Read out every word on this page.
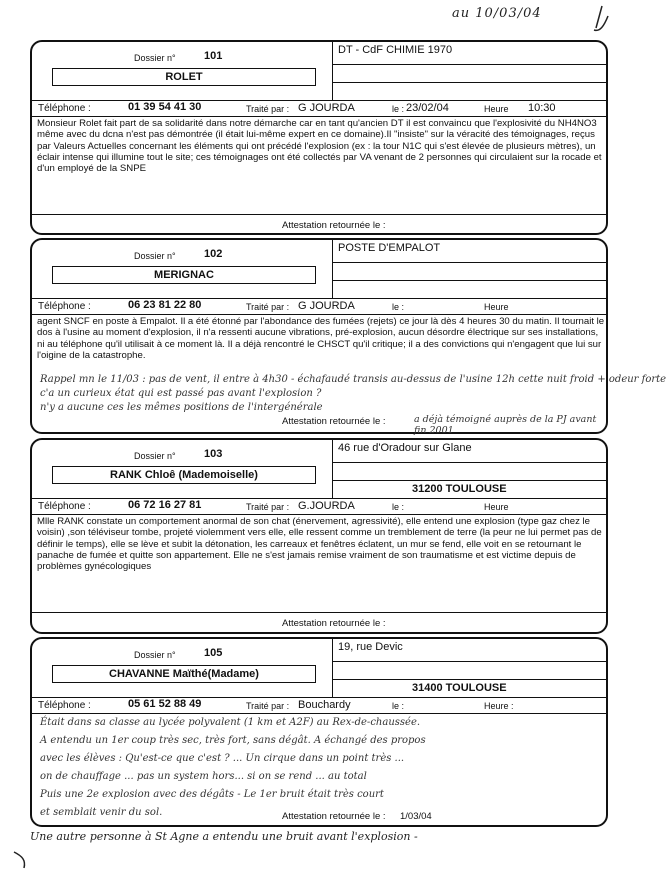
au 10/03/04
Dossier n°	101
ROLET
DT - CdF CHIMIE 1970
Téléphone :	01 39 54 41 30	Traité par : G JOURDA	le : 23/02/04	Heure 10:30
Monsieur Rolet fait part de sa solidarité dans notre démarche car en tant qu'ancien DT il est convaincu que l'explosivité du NH4NO3 même avec du dcna n'est pas démontrée (il était lui-même expert en ce domaine).Il "insiste" sur la véracité des témoignages, reçus par Valeurs Actuelles concernant les éléments qui ont précédé l'explosion (ex : la tour N1C qui s'est élevée de plusieurs mètres), un éclair intense qui illumine tout le site; ces témoignages ont été collectés par VA venant de 2 personnes qui circulaient sur la rocade et d'un employé de la SNPE
Attestation retournée le :
Dossier n°	102
MERIGNAC
POSTE D'EMPALOT
Téléphone :	06 23 81 22 80	Traité par : G JOURDA	le :	Heure
agent SNCF en poste à Empalot. Il a été étonné par l'abondance des fumées (rejets) ce jour là dès 4 heures 30 du matin. Il tournait le dos à l'usine au moment d'explosion, il n'a ressenti aucune vibrations, pré-explosion, aucun désordre électrique sur ses installations, ni au téléphone qu'il utilisait à ce moment là. Il a déjà rencontré le CHSCT qu'il critique; il a des convictions qui n'engagent que lui sur l'oigine de la catastrophe.
Rappel mn le 11/03 : pas de vent, il entre à 4h30 - échafaudé transis au-dessus de l'usine 12h cette nuit froid + odeur forte
c'a un curieux état qui est passé pas avant l'explosion ?
n'y a aucune ces les mêmes positions de l'intergénérale
Attestation retournée le :	a déjà témoigné auprès de la PJ avant fin 2001
Dossier n°	103
RANK Chloê (Mademoiselle)
46 rue d'Oradour sur Glane
31200 TOULOUSE
Téléphone :	06 72 16 27 81	Traité par : G.JOURDA	le :	Heure
Mlle RANK constate un comportement anormal de son chat (énervement, agressivité), elle entend une explosion (type gaz chez le voisin) ,son téléviseur tombe, projeté violemment vers elle, elle ressent comme un tremblement de terre (la peur ne lui permet pas de définir le temps), elle se lève et subit la détonation, les carreaux et fenêtres éclatent, un mur se fend, elle voit en se retournant le panache de fumée et quitte son appartement. Elle ne s'est jamais remise vraiment de son traumatisme et est victime depuis de problèmes gynécologiques
Attestation retournée le :
Dossier n°	105
CHAVANNE Maïthé(Madame)
19, rue Devic
31400 TOULOUSE
Téléphone :	05 61 52 88 49	Traité par : Bouchardy	le :	Heure :
Était dans sa classe au lycée polyvalent (1 km et A2F) au Rex-de-chaussée.
A entendu un 1er coup très sec, très fort, sans dégât. A échangé des propos
avec les élèves : Qu'est-ce que c'est ? ... Un cirque dans un point très ...
on de chauffage ... pas un system hors... si on se rend ... au total
Puis une 2e explosion avec des dégâts - Le 1er bruit était très court
et semblait venir du sol.	Attestation retournée le : 1/03/04
Une autre personne à St Agne a entendu une bruit avant l'explosion -
